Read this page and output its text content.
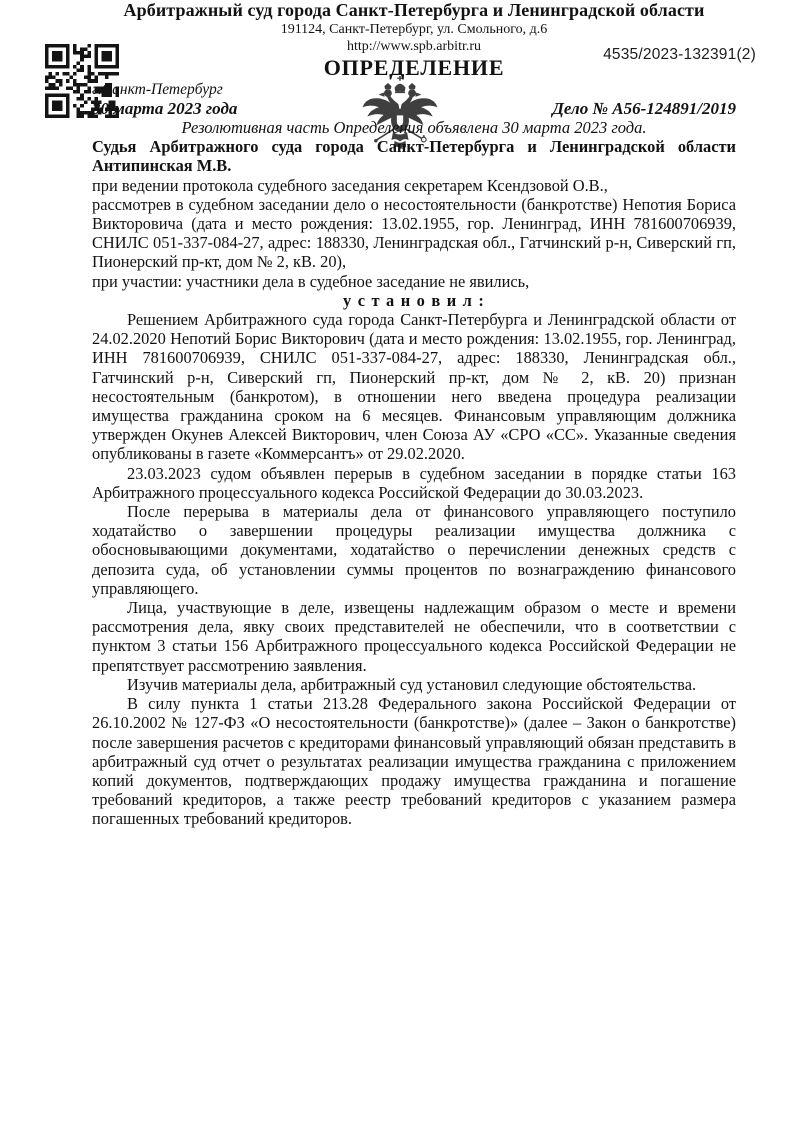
4535/2023-132391(2)

Арбитражный суд города Санкт-Петербурга и Ленинградской области

191124, Санкт-Петербург, ул. Смольного, д.6

http://www.spb.arbitr.ru

ОПРЕДЕЛЕНИЕ

г.Санкт-Петербург

30 марта 2023 года	Дело № А56-124891/2019

Резолютивная часть Определения объявлена 30 марта 2023 года.

Судья Арбитражного суда города Санкт-Петербурга и Ленинградской области Антипинская М.В.

при ведении протокола судебного заседания секретарем Ксендзовой О.В.,

рассмотрев в судебном заседании дело о несостоятельности (банкротстве) Непотия Бориса Викторовича (дата и место рождения: 13.02.1955, гор. Ленинград, ИНН 781600706939, СНИЛС 051-337-084-27, адрес: 188330, Ленинградская обл., Гатчинский р-н, Сиверский гп, Пионерский пр-кт, дом № 2, кВ. 20),

при участии: участники дела в судебное заседание не явились,

у с т а н о в и л :

Решением Арбитражного суда города Санкт-Петербурга и Ленинградской области от 24.02.2020 Непотий Борис Викторович (дата и место рождения: 13.02.1955, гор. Ленинград, ИНН 781600706939, СНИЛС 051-337-084-27, адрес: 188330, Ленинградская обл., Гатчинский р-н, Сиверский гп, Пионерский пр-кт, дом № 2, кВ. 20) признан несостоятельным (банкротом), в отношении него введена процедура реализации имущества гражданина сроком на 6 месяцев. Финансовым управляющим должника утвержден Окунев Алексей Викторович, член Союза АУ «СРО «СС». Указанные сведения опубликованы в газете «Коммерсантъ» от 29.02.2020.

23.03.2023 судом объявлен перерыв в судебном заседании в порядке статьи 163 Арбитражного процессуального кодекса Российской Федерации до 30.03.2023.

После перерыва в материалы дела от финансового управляющего поступило ходатайство о завершении процедуры реализации имущества должника с обосновывающими документами, ходатайство о перечислении денежных средств с депозита суда, об установлении суммы процентов по вознаграждению финансового управляющего.

Лица, участвующие в деле, извещены надлежащим образом о месте и времени рассмотрения дела, явку своих представителей не обеспечили, что в соответствии с пунктом 3 статьи 156 Арбитражного процессуального кодекса Российской Федерации не препятствует рассмотрению заявления.

Изучив материалы дела, арбитражный суд установил следующие обстоятельства.

В силу пункта 1 статьи 213.28 Федерального закона Российской Федерации от 26.10.2002 № 127-ФЗ «О несостоятельности (банкротстве)» (далее – Закон о банкротстве) после завершения расчетов с кредиторами финансовый управляющий обязан представить в арбитражный суд отчет о результатах реализации имущества гражданина с приложением копий документов, подтверждающих продажу имущества гражданина и погашение требований кредиторов, а также реестр требований кредиторов с указанием размера погашенных требований кредиторов.
